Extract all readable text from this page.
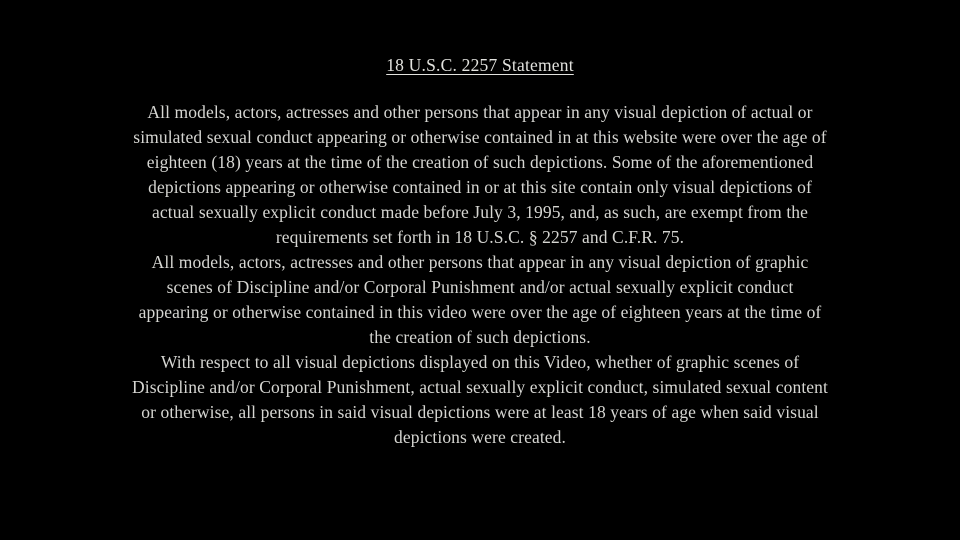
18 U.S.C. 2257 Statement

All models, actors, actresses and other persons that appear in any visual depiction of actual or simulated sexual conduct appearing or otherwise contained in at this website were over the age of eighteen (18) years at the time of the creation of such depictions. Some of the aforementioned depictions appearing or otherwise contained in or at this site contain only visual depictions of actual sexually explicit conduct made before July 3, 1995, and, as such, are exempt from the requirements set forth in 18 U.S.C. § 2257 and C.F.R. 75.

All models, actors, actresses and other persons that appear in any visual depiction of graphic scenes of Discipline and/or Corporal Punishment and/or actual sexually explicit conduct appearing or otherwise contained in this video were over the age of eighteen years at the time of the creation of such depictions.

With respect to all visual depictions displayed on this Video, whether of graphic scenes of Discipline and/or Corporal Punishment, actual sexually explicit conduct, simulated sexual content or otherwise, all persons in said visual depictions were at least 18 years of age when said visual depictions were created.
